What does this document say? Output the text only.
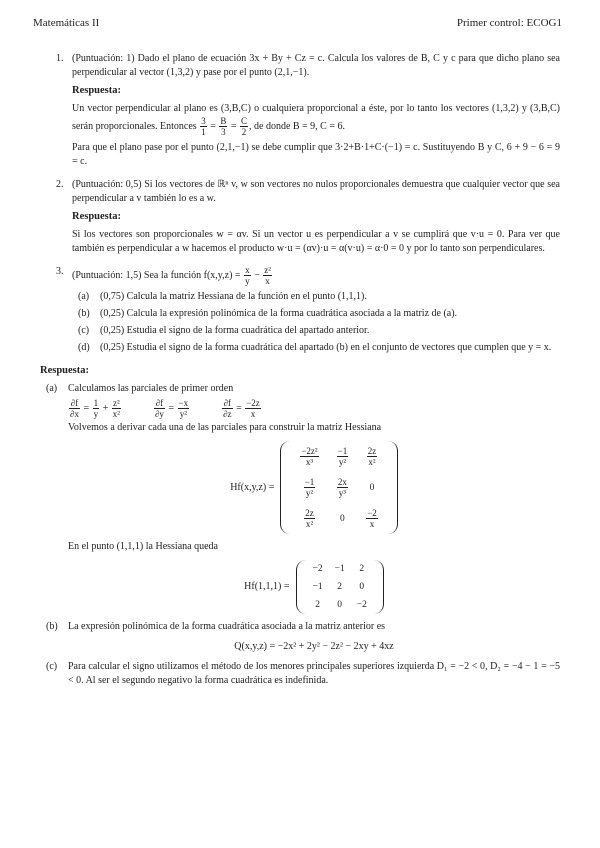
Matemáticas II	Primer control: ECOG1
1. (Puntuación: 1) Dado el plano de ecuación 3x + By + Cz = c. Calcula los valores de B, C y c para que dicho plano sea perpendicular al vector (1,3,2) y pase por el punto (2,1,−1).

Respuesta:

Un vector perpendicular al plano es (3,B,C) o cualquiera proporcional a éste, por lo tanto los vectores (1,3,2) y (3,B,C) serán proporcionales. Entonces $\frac{3}{1} = \frac{B}{3} = \frac{C}{2}$ , de donde B = 9, C = 6.

Para que el plano pase por el punto (2,1,−1) se debe cumplir que 3·2+B·1+C·(−1) = c. Sustituyendo B y C, 6 + 9 − 6 = 9 = c.

2. (Puntuación: 0,5) Si los vectores de ℝⁿ v, w son vectores no nulos proporcionales demuestra que cualquier vector que sea perpendicular a v también lo es a w.

Respuesta:

Si los vectores son proporcionales w = αv. Si un vector u es perpendicular a v se cumplirá que v·u = 0. Para ver que también es perpendicular a w hacemos el producto w·u = (αv)·u = α(v·u) = α·0 = 0 y por lo tanto son perpendiculares.

3. (Puntuación: 1,5) Sea la función $f(x,y,z) = \frac{x}{y} - \frac{\text{z²}}{x}$

(a) (0,75) Calcula la matriz Hessiana de la función en el punto (1,1,1).
(b) (0,25) Calcula la expresión polinómica de la forma cuadrática asociada a la matriz de (a).
(c) (0,25) Estudia el signo de la forma cuadrática del apartado anterior.
(d) (0,25) Estudia el signo de la forma cuadrática del apartado (b) en el conjunto de vectores que cumplen que y = x.
Respuesta:
(a) Calculamos las parciales de primer orden
$\frac{\partial f}{\partial x} = \frac{1}{y} + \frac{\text{z²}}{\text{x²}}$
	$\frac{\partial f}{\partial y} = \frac{-x}{\text{y²}}$
	$\frac{\partial f}{\partial z} = \frac{-2z}{x}$
Volvemos a derivar cada una de las parciales para construir la matriz Hessiana
Hf(x,y,z) =
$\frac{\text{−2z²}}{\text{x³}}$	$\frac{-1}{\text{y²}}$	$\frac{2z}{\text{x²}}$

$\frac{-1}{\text{y²}}$	$\frac{2x}{\text{y³}}$	0

$\frac{2z}{\text{x²}}$	0	$\frac{-2}{x}$
En el punto (1,1,1) la Hessiana queda
Hf(1,1,1) =
−2	−1	2
−1	2	0
2	0	−2
(b) La expresión polinómica de la forma cuadrática asociada a la matriz anterior es
Q(x,y,z) = −2x² + 2y² − 2z² − 2xy + 4xz
(c) Para calcular el signo utilizamos el método de los menores principales superiores izquierda D₁ = −2 < 0, D₂ = −4 − 1 = −5 < 0. Al ser el segundo negativo la forma cuadrática es indefinida.
